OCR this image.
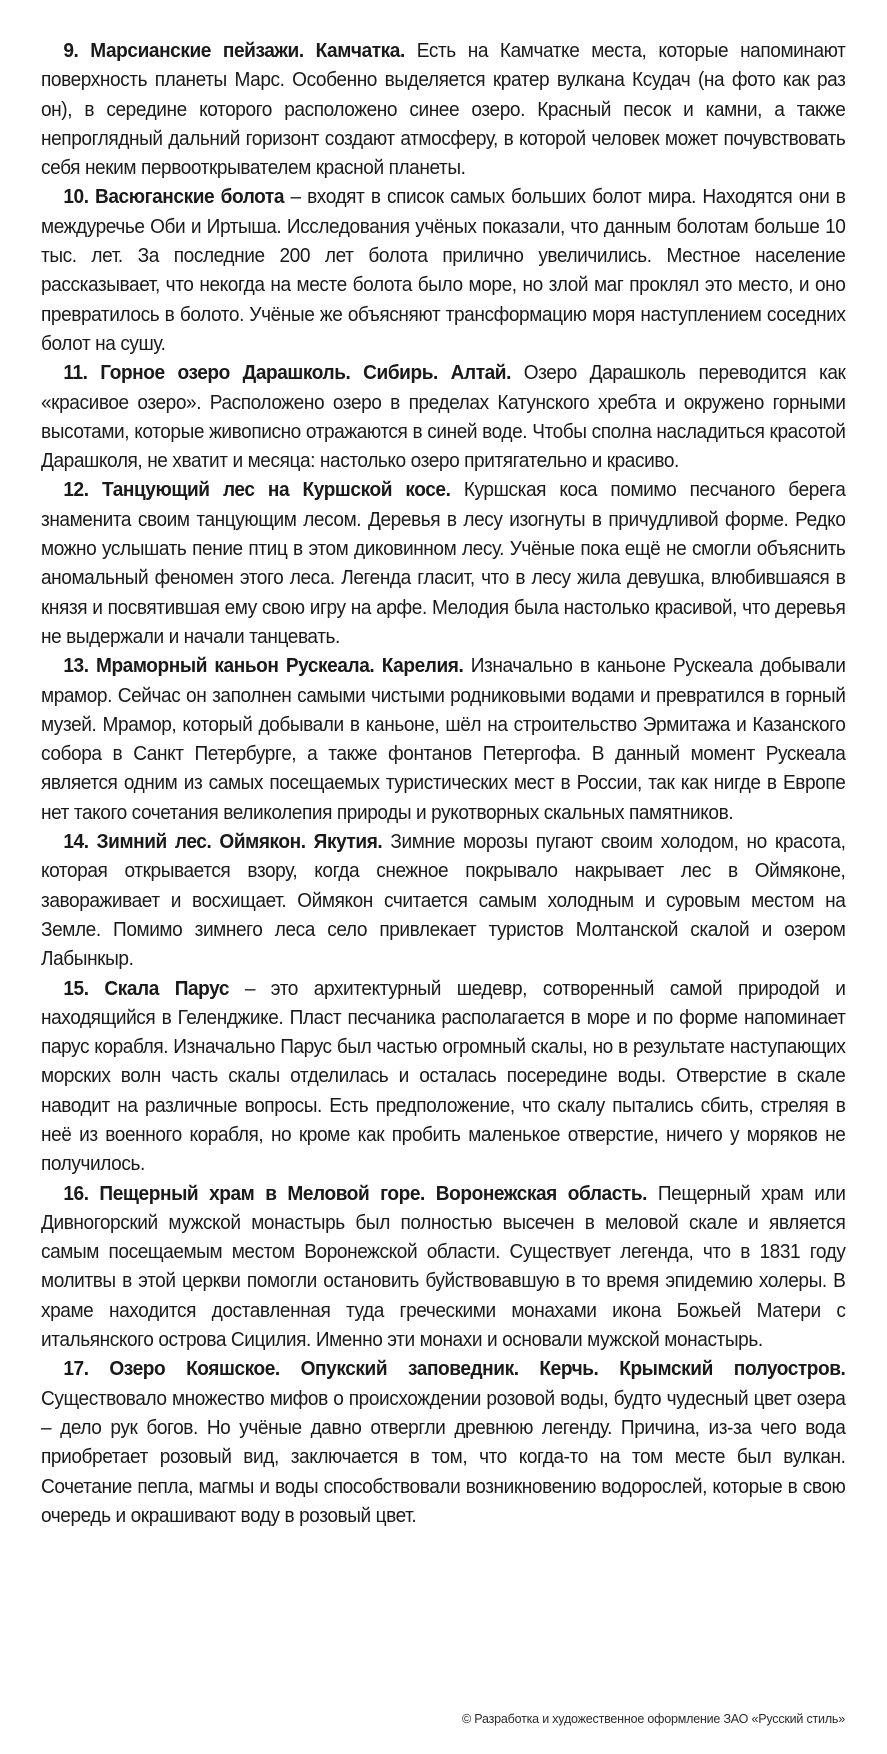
9. Марсианские пейзажи. Камчатка. Есть на Камчатке места, которые напоминают поверхность планеты Марс. Особенно выделяется кратер вулкана Ксудач (на фото как раз он), в середине которого расположено синее озеро. Красный песок и камни, а также непроглядный дальний горизонт создают атмосферу, в которой человек может почувствовать себя неким первооткрывателем красной планеты.

10. Васюганские болота – входят в список самых больших болот мира. Находятся они в междуречье Оби и Иртыша. Исследования учёных показали, что данным болотам больше 10 тыс. лет. За последние 200 лет болота прилично увеличились. Местное население рассказывает, что некогда на месте болота было море, но злой маг проклял это место, и оно превратилось в болото. Учёные же объясняют трансформацию моря наступлением соседних болот на сушу.

11. Горное озеро Дарашколь. Сибирь. Алтай. Озеро Дарашколь переводится как «красивое озеро». Расположено озеро в пределах Катунского хребта и окружено горными высотами, которые живописно отражаются в синей воде. Чтобы сполна насладиться красотой Дарашколя, не хватит и месяца: настолько озеро притягательно и красиво.

12. Танцующий лес на Куршской косе. Куршская коса помимо песчаного берега знаменита своим танцующим лесом. Деревья в лесу изогнуты в причудливой форме. Редко можно услышать пение птиц в этом диковинном лесу. Учёные пока ещё не смогли объяснить аномальный феномен этого леса. Легенда гласит, что в лесу жила девушка, влюбившаяся в князя и посвятившая ему свою игру на арфе. Мелодия была настолько красивой, что деревья не выдержали и начали танцевать.

13. Мраморный каньон Рускеала. Карелия. Изначально в каньоне Рускеала добывали мрамор. Сейчас он заполнен самыми чистыми родниковыми водами и превратился в горный музей. Мрамор, который добывали в каньоне, шёл на строительство Эрмитажа и Казанского собора в Санкт Петербурге, а также фонтанов Петергофа. В данный момент Рускеала является одним из самых посещаемых туристических мест в России, так как нигде в Европе нет такого сочетания великолепия природы и рукотворных скальных памятников.

14. Зимний лес. Оймякон. Якутия. Зимние морозы пугают своим холодом, но красота, которая открывается взору, когда снежное покрывало накрывает лес в Оймяконе, завораживает и восхищает. Оймякон считается самым холодным и суровым местом на Земле. Помимо зимнего леса село привлекает туристов Молтанской скалой и озером Лабынкыр.

15. Скала Парус – это архитектурный шедевр, сотворенный самой природой и находящийся в Геленджике. Пласт песчаника располагается в море и по форме напоминает парус корабля. Изначально Парус был частью огромный скалы, но в результате наступающих морских волн часть скалы отделилась и осталась посередине воды. Отверстие в скале наводит на различные вопросы. Есть предположение, что скалу пытались сбить, стреляя в неё из военного корабля, но кроме как пробить маленькое отверстие, ничего у моряков не получилось.

16. Пещерный храм в Меловой горе. Воронежская область. Пещерный храм или Дивногорский мужской монастырь был полностью высечен в меловой скале и является самым посещаемым местом Воронежской области. Существует легенда, что в 1831 году молитвы в этой церкви помогли остановить буйствовавшую в то время эпидемию холеры. В храме находится доставленная туда греческими монахами икона Божьей Матери с итальянского острова Сицилия. Именно эти монахи и основали мужской монастырь.

17. Озеро Кояшское. Опукский заповедник. Керчь. Крымский полуостров. Существовало множество мифов о происхождении розовой воды, будто чудесный цвет озера – дело рук богов. Но учёные давно отвергли древнюю легенду. Причина, из-за чего вода приобретает розовый вид, заключается в том, что когда-то на том месте был вулкан. Сочетание пепла, магмы и воды способствовали возникновению водорослей, которые в свою очередь и окрашивают воду в розовый цвет.

© Разработка и художественное оформление ЗАО «Русский стиль»
